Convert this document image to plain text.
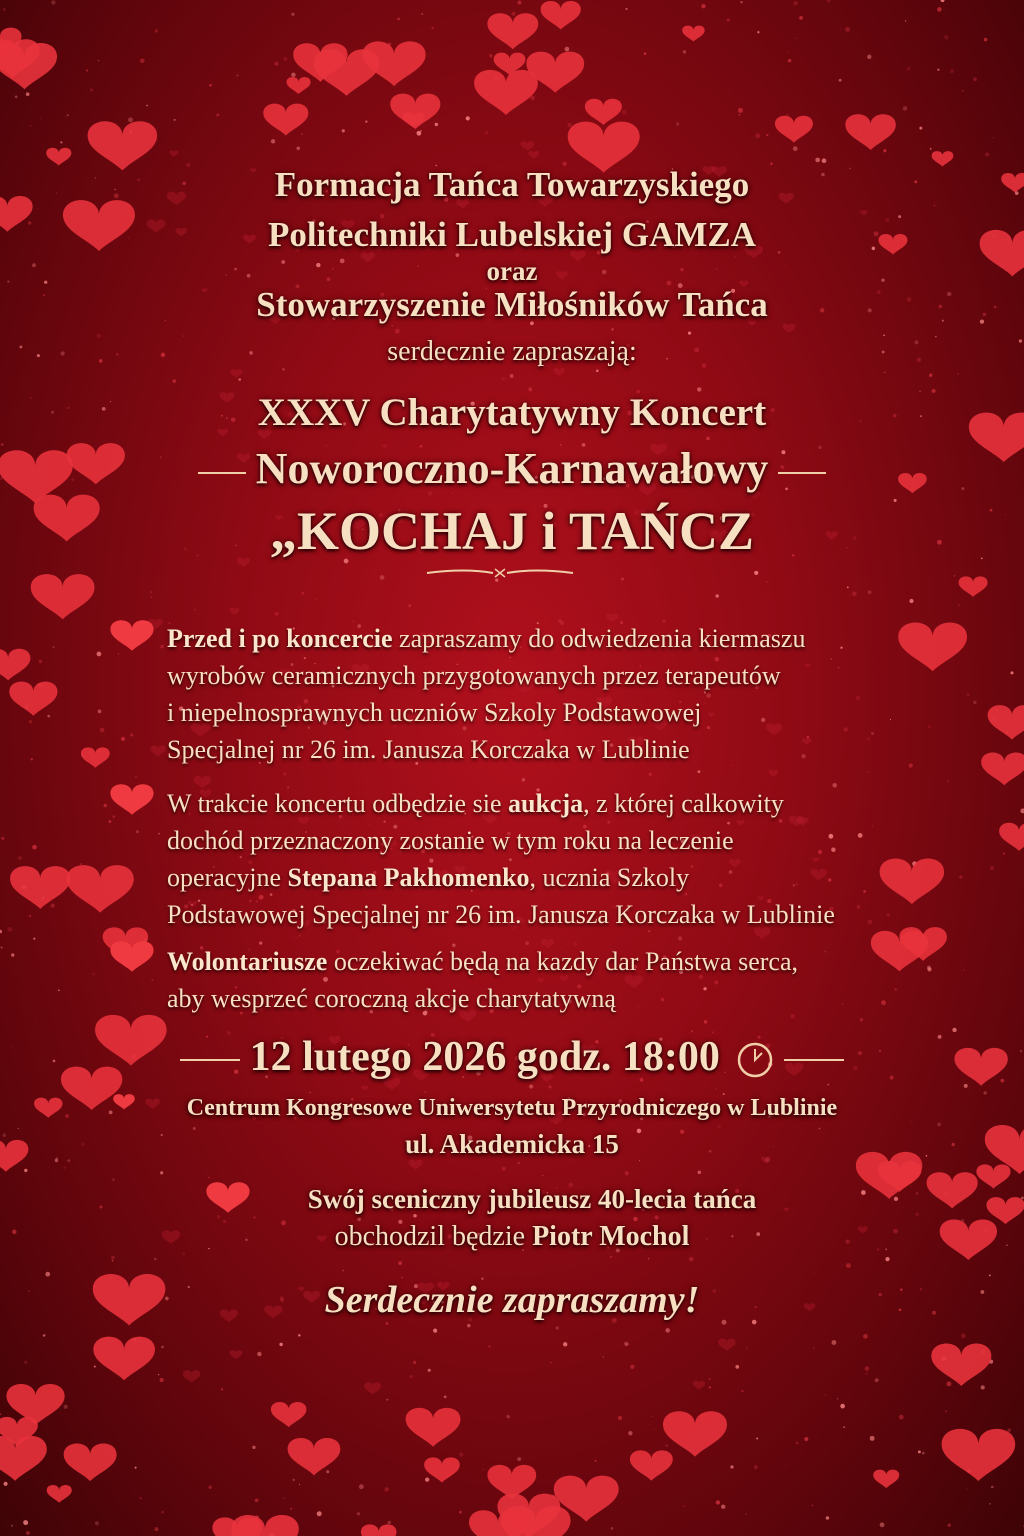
Formacja Tańca Towarzyskiego
Politechniki Lubelskiej GAMZA
oraz
Stowarzyszenie Miłośników Tańca
serdecznie zapraszają:
XXXV Charytatywny Koncert
Noworoczno-Karnawałowy
„KOCHAJ i TAŃCZ
Przed i po koncercie zapraszamy do odwiedzenia kiermaszu
wyrobów ceramicznych przygotowanych przez terapeutów
i niepelnosprawnych uczniów Szkoly Podstawowej
Specjalnej nr 26 im. Janusza Korczaka w Lublinie
W trakcie koncertu odbędzie sie aukcja, z której calkowity
dochód przeznaczony zostanie w tym roku na leczenie
operacyjne Stepana Pakhomenko, ucznia Szkoly
Podstawowej Specjalnej nr 26 im. Janusza Korczaka w Lublinie
Wolontariusze oczekiwać będą na kazdy dar Państwa serca,
aby wesprzeć coroczną akcje charytatywną
12 lutego 2026 godz. 18:00
Centrum Kongresowe Uniwersytetu Przyrodniczego w Lublinie
ul. Akademicka 15
Swój sceniczny jubileusz 40-lecia tańca
obchodzil będzie Piotr Mochol
Serdecznie zapraszamy!
